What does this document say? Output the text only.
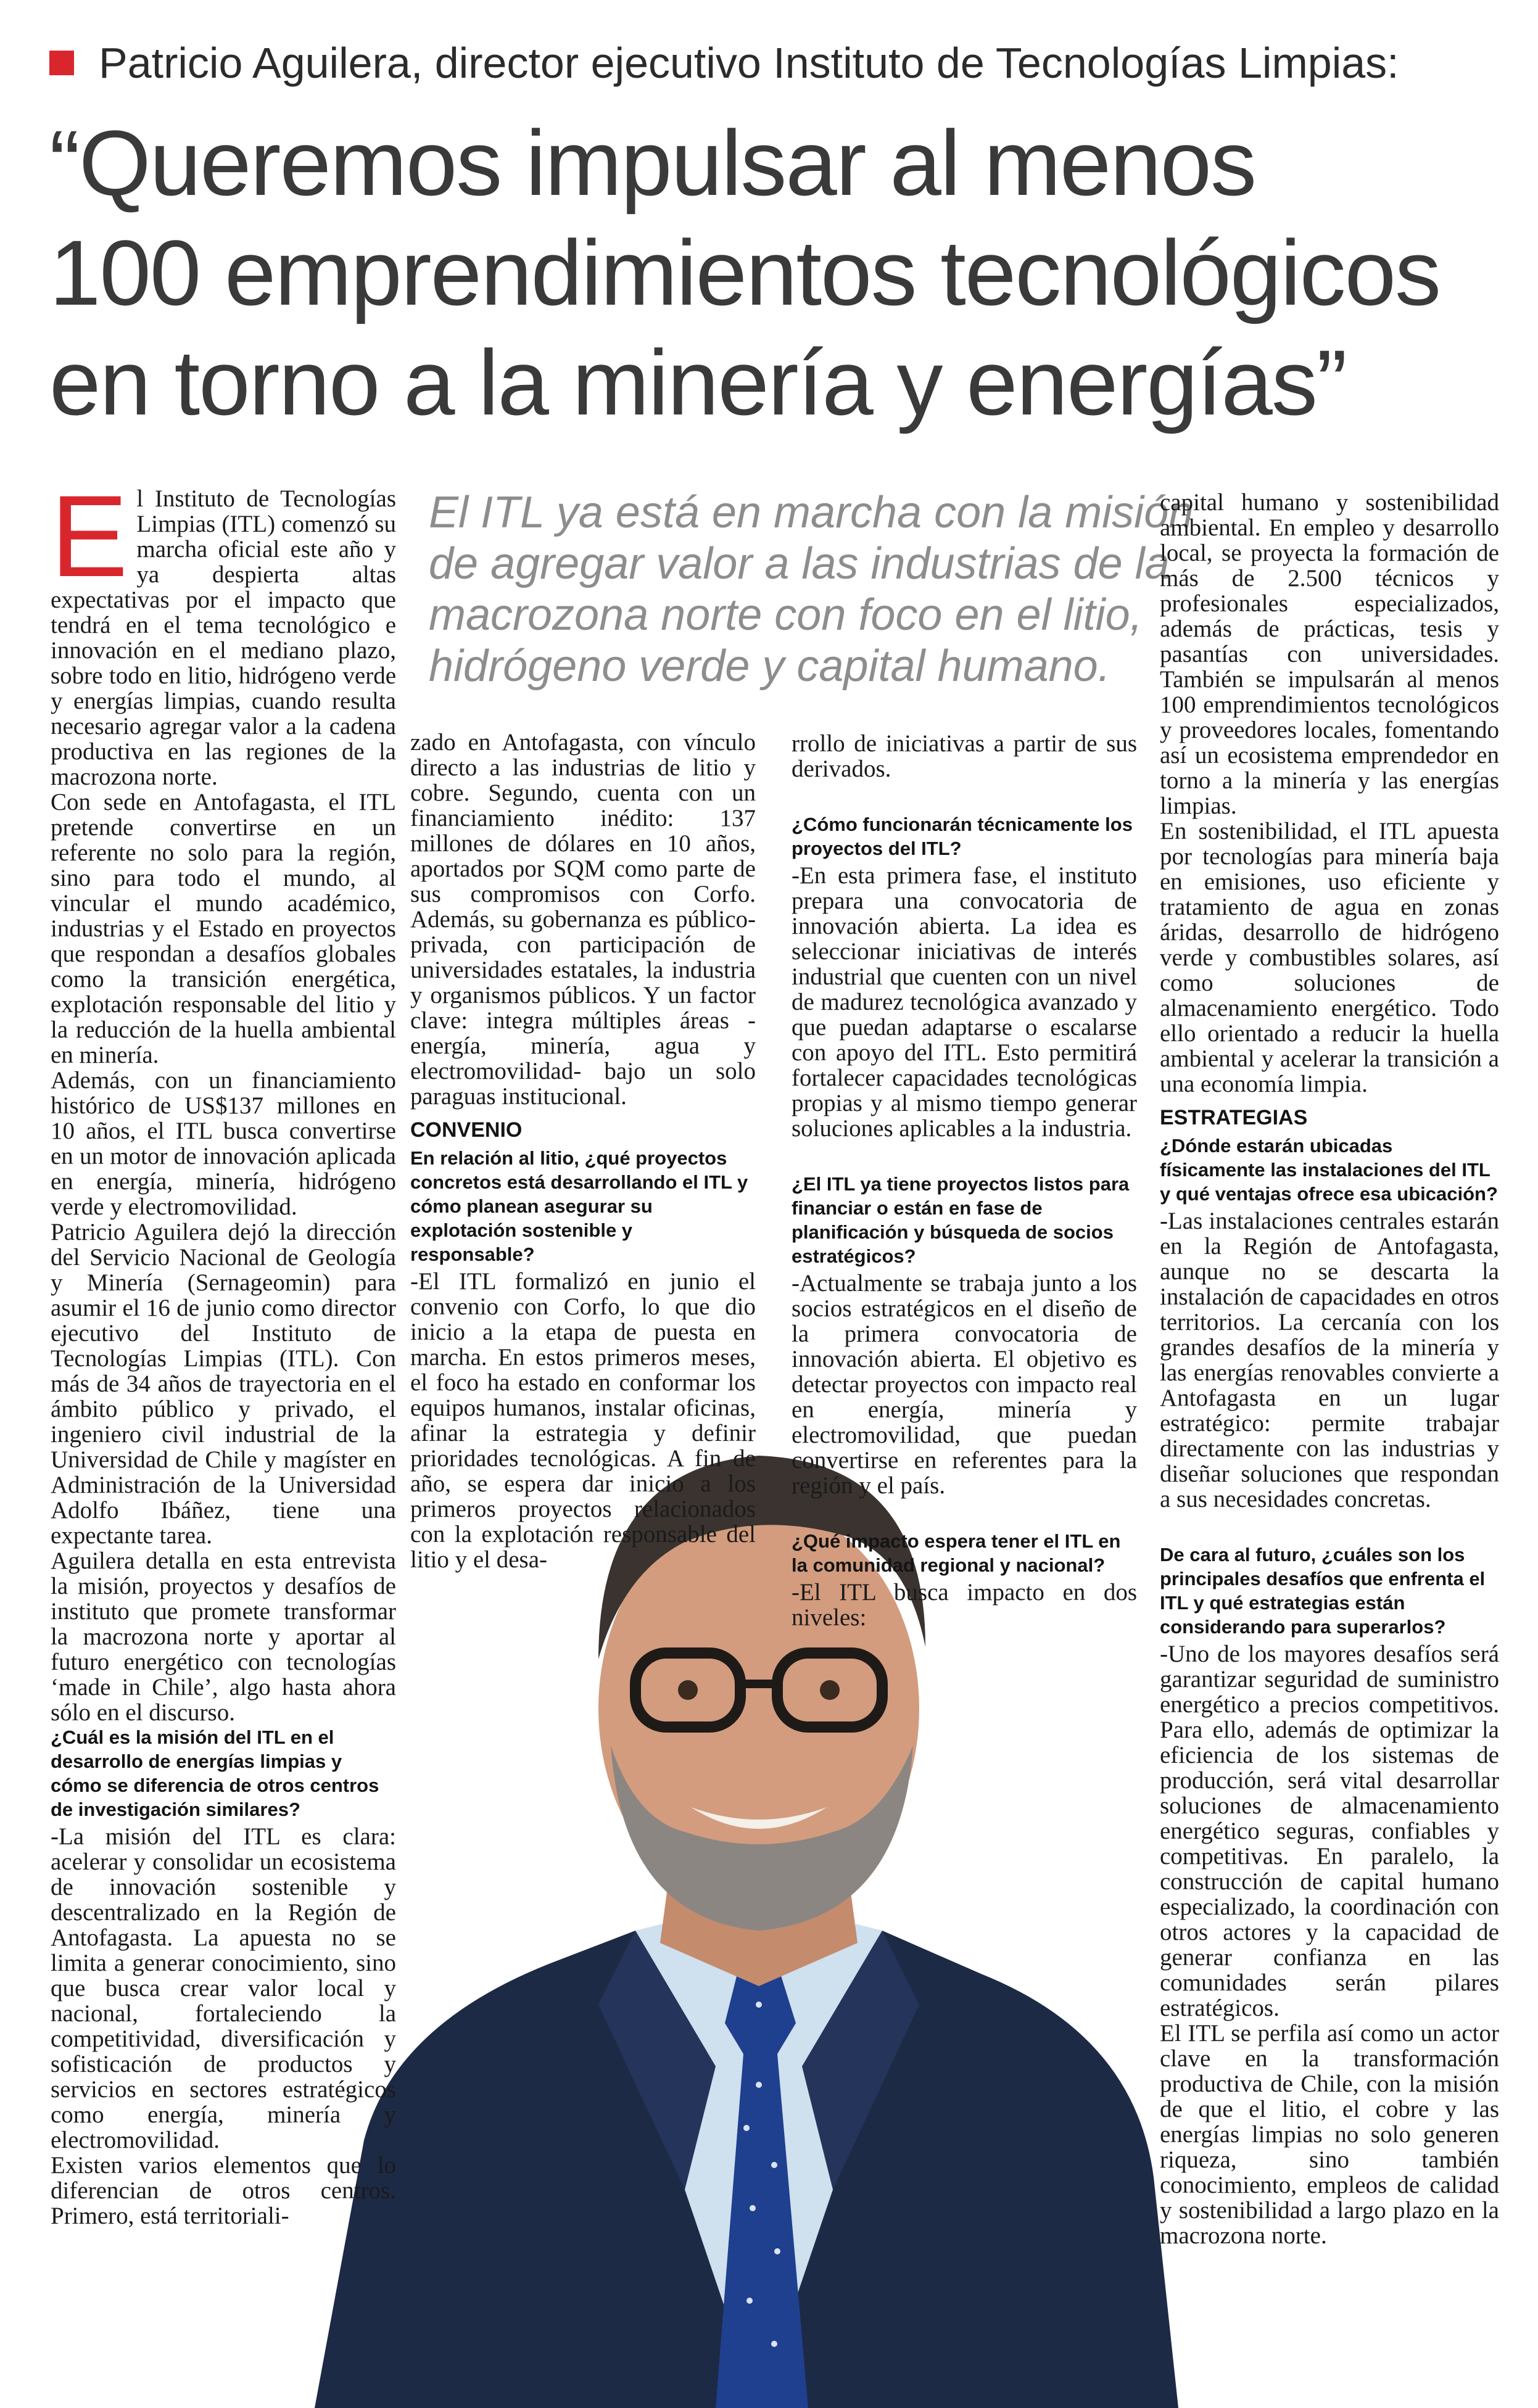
Patricio Aguilera, director ejecutivo Instituto de Tecnologías Limpias:
“Queremos impulsar al menos
100 emprendimientos tecnológicos
en torno a la minería y energías”
El ITL ya está en marcha con la misión
de agregar valor a las industrias de la
macrozona norte con foco en el litio,
hidrógeno verde y capital humano.
E l Instituto de Tecnologías Limpias (ITL) comenzó su marcha oficial este año y ya despierta altas expectativas por el impacto que tendrá en el tema tecnológico e innovación en el mediano plazo, sobre todo en litio, hidrógeno verde y energías limpias, cuando resulta necesario agregar valor a la cadena productiva en las regiones de la macrozona norte.

Con sede en Antofagasta, el ITL pretende convertirse en un referente no solo para la región, sino para todo el mundo, al vincular el mundo académico, industrias y el Estado en proyectos que respondan a desafíos globales como la transición energética, explotación responsable del litio y la reducción de la huella ambiental en minería.

Además, con un financiamiento histórico de US$137 millones en 10 años, el ITL busca convertirse en un motor de innovación aplicada en energía, minería, hidrógeno verde y electromovilidad.

Patricio Aguilera dejó la dirección del Servicio Nacional de Geología y Minería (Sernageomin) para asumir el 16 de junio como director ejecutivo del Instituto de Tecnologías Limpias (ITL). Con más de 34 años de trayectoria en el ámbito público y privado, el ingeniero civil industrial de la Universidad de Chile y magíster en Administración de la Universidad Adolfo Ibáñez, tiene una expectante tarea.

Aguilera detalla en esta entrevista la misión, proyectos y desafíos de instituto que promete transformar la macrozona norte y aportar al futuro energético con tecnologías ‘made in Chile’, algo hasta ahora sólo en el discurso.

¿Cuál es la misión del ITL en el desarrollo de energías limpias y cómo se diferencia de otros centros de investigación similares?

-La misión del ITL es clara: acelerar y consolidar un ecosistema de innovación sostenible y descentralizado en la Región de Antofagasta. La apuesta no se limita a generar conocimiento, sino que busca crear valor local y nacional, fortaleciendo la competitividad, diversificación y sofisticación de productos y servicios en sectores estratégicos como energía, minería y electromovilidad.

Existen varios elementos que lo diferencian de otros centros. Primero, está territoriali-

zado en Antofagasta, con vínculo directo a las industrias de litio y cobre. Segundo, cuenta con un financiamiento inédito: 137 millones de dólares en 10 años, aportados por SQM como parte de sus compromisos con Corfo. Además, su gobernanza es público-privada, con participación de universidades estatales, la industria y organismos públicos. Y un factor clave: integra múltiples áreas -energía, minería, agua y electromovilidad- bajo un solo paraguas institucional.

CONVENIO

En relación al litio, ¿qué proyectos concretos está desarrollando el ITL y cómo planean asegurar su explotación sostenible y responsable?

-El ITL formalizó en junio el convenio con Corfo, lo que dio inicio a la etapa de puesta en marcha. En estos primeros meses, el foco ha estado en conformar los equipos humanos, instalar oficinas, afinar la estrategia y definir prioridades tecnológicas. A fin de año, se espera dar inicio a los primeros proyectos relacionados con la explotación responsable del litio y el desa-

rrollo de iniciativas a partir de sus derivados.

¿Cómo funcionarán técnicamente los proyectos del ITL?

-En esta primera fase, el instituto prepara una convocatoria de innovación abierta. La idea es seleccionar iniciativas de interés industrial que cuenten con un nivel de madurez tecnológica avanzado y que puedan adaptarse o escalarse con apoyo del ITL. Esto permitirá fortalecer capacidades tecnológicas propias y al mismo tiempo generar soluciones aplicables a la industria.

¿El ITL ya tiene proyectos listos para financiar o están en fase de planificación y búsqueda de socios estratégicos?

-Actualmente se trabaja junto a los socios estratégicos en el diseño de la primera convocatoria de innovación abierta. El objetivo es detectar proyectos con impacto real en energía, minería y electromovilidad, que puedan convertirse en referentes para la región y el país.

¿Qué impacto espera tener el ITL en la comunidad regional y nacional?

-El ITL busca impacto en dos niveles:

capital humano y sostenibilidad ambiental. En empleo y desarrollo local, se proyecta la formación de más de 2.500 técnicos y profesionales especializados, además de prácticas, tesis y pasantías con universidades. También se impulsarán al menos 100 emprendimientos tecnológicos y proveedores locales, fomentando así un ecosistema emprendedor en torno a la minería y las energías limpias.

En sostenibilidad, el ITL apuesta por tecnologías para minería baja en emisiones, uso eficiente y tratamiento de agua en zonas áridas, desarrollo de hidrógeno verde y combustibles solares, así como soluciones de almacenamiento energético. Todo ello orientado a reducir la huella ambiental y acelerar la transición a una economía limpia.

ESTRATEGIAS

¿Dónde estarán ubicadas físicamente las instalaciones del ITL y qué ventajas ofrece esa ubicación?

-Las instalaciones centrales estarán en la Región de Antofagasta, aunque no se descarta la instalación de capacidades en otros territorios. La cercanía con los grandes desafíos de la minería y las energías renovables convierte a Antofagasta en un lugar estratégico: permite trabajar directamente con las industrias y diseñar soluciones que respondan a sus necesidades concretas.

De cara al futuro, ¿cuáles son los principales desafíos que enfrenta el ITL y qué estrategias están considerando para superarlos?

-Uno de los mayores desafíos será garantizar seguridad de suministro energético a precios competitivos. Para ello, además de optimizar la eficiencia de los sistemas de producción, será vital desarrollar soluciones de almacenamiento energético seguras, confiables y competitivas. En paralelo, la construcción de capital humano especializado, la coordinación con otros actores y la capacidad de generar confianza en las comunidades serán pilares estratégicos.

El ITL se perfila así como un actor clave en la transformación productiva de Chile, con la misión de que el litio, el cobre y las energías limpias no solo generen riqueza, sino también conocimiento, empleos de calidad y sostenibilidad a largo plazo en la macrozona norte.
